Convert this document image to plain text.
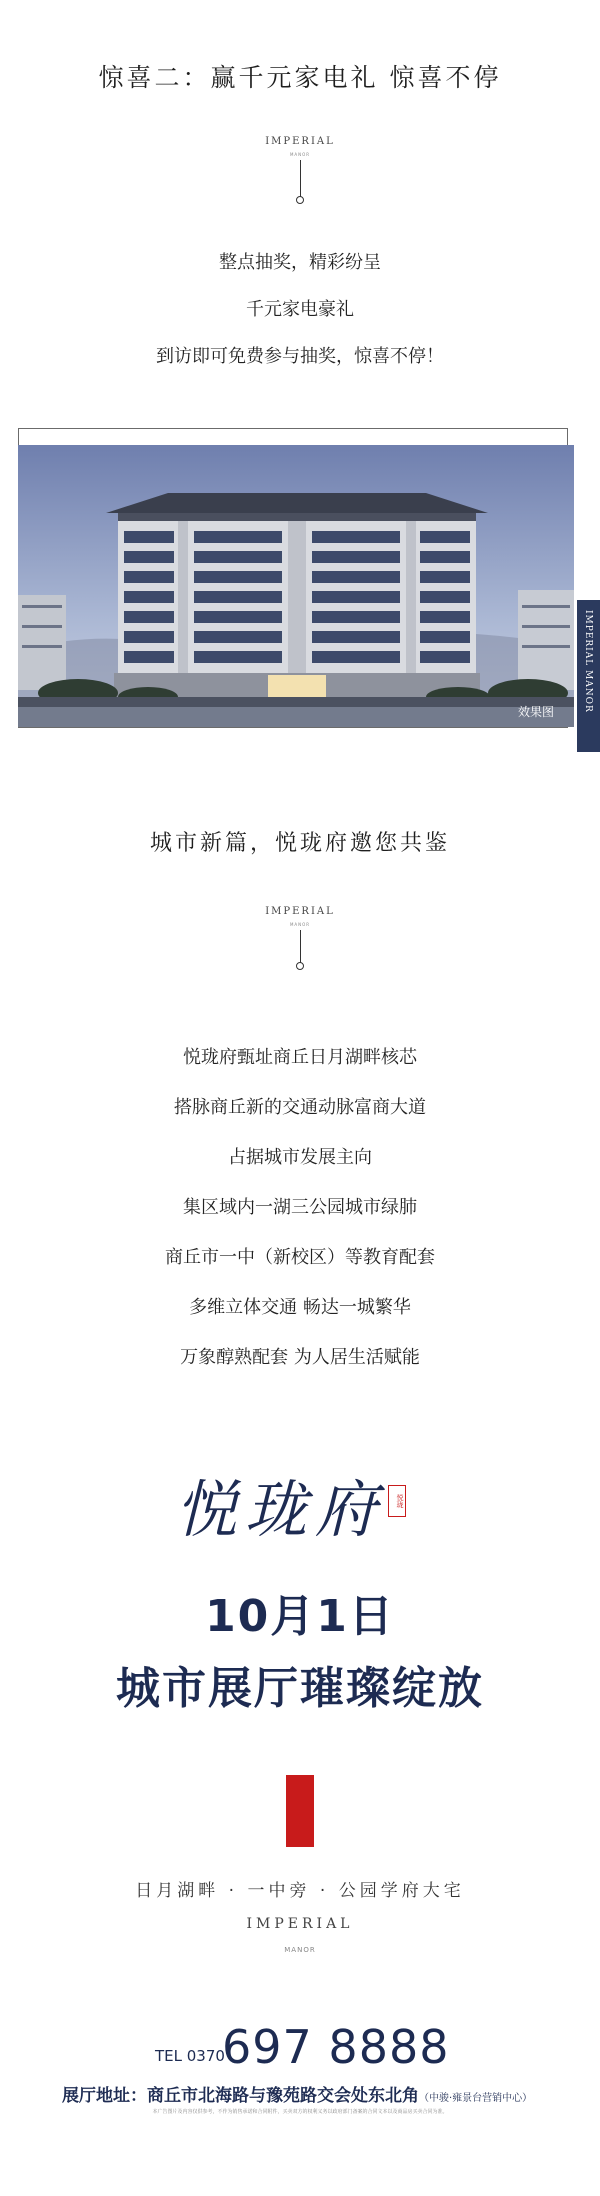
惊喜二：赢千元家电礼 惊喜不停
IMPERIAL
MANOR
整点抽奖，精彩纷呈
千元家电豪礼
到访即可免费参与抽奖，惊喜不停！
效果图	IMPERIAL MANOR
城市新篇，悦珑府邀您共鉴
IMPERIAL
MANOR
悦珑府甄址商丘日月湖畔核芯
搭脉商丘新的交通动脉富商大道
占据城市发展主向
集区域内一湖三公园城市绿肺
商丘市一中（新校区）等教育配套
多维立体交通 畅达一城繁华
万象醇熟配套 为人居生活赋能
悦珑府	悦珑
10月1日
城市展厅璀璨绽放
日月湖畔 · 一中旁 · 公园学府大宅
IMPERIAL
MANOR
TEL 0370
697 8888
展厅地址：商丘市北海路与豫苑路交会处东北角（中骏·雍景台营销中心）
本广告图片及内容仅供参考，不作为销售承诺和合同附件，买卖双方的权利义务以政府部门备案的合同文本以及商品房买卖合同为准。
